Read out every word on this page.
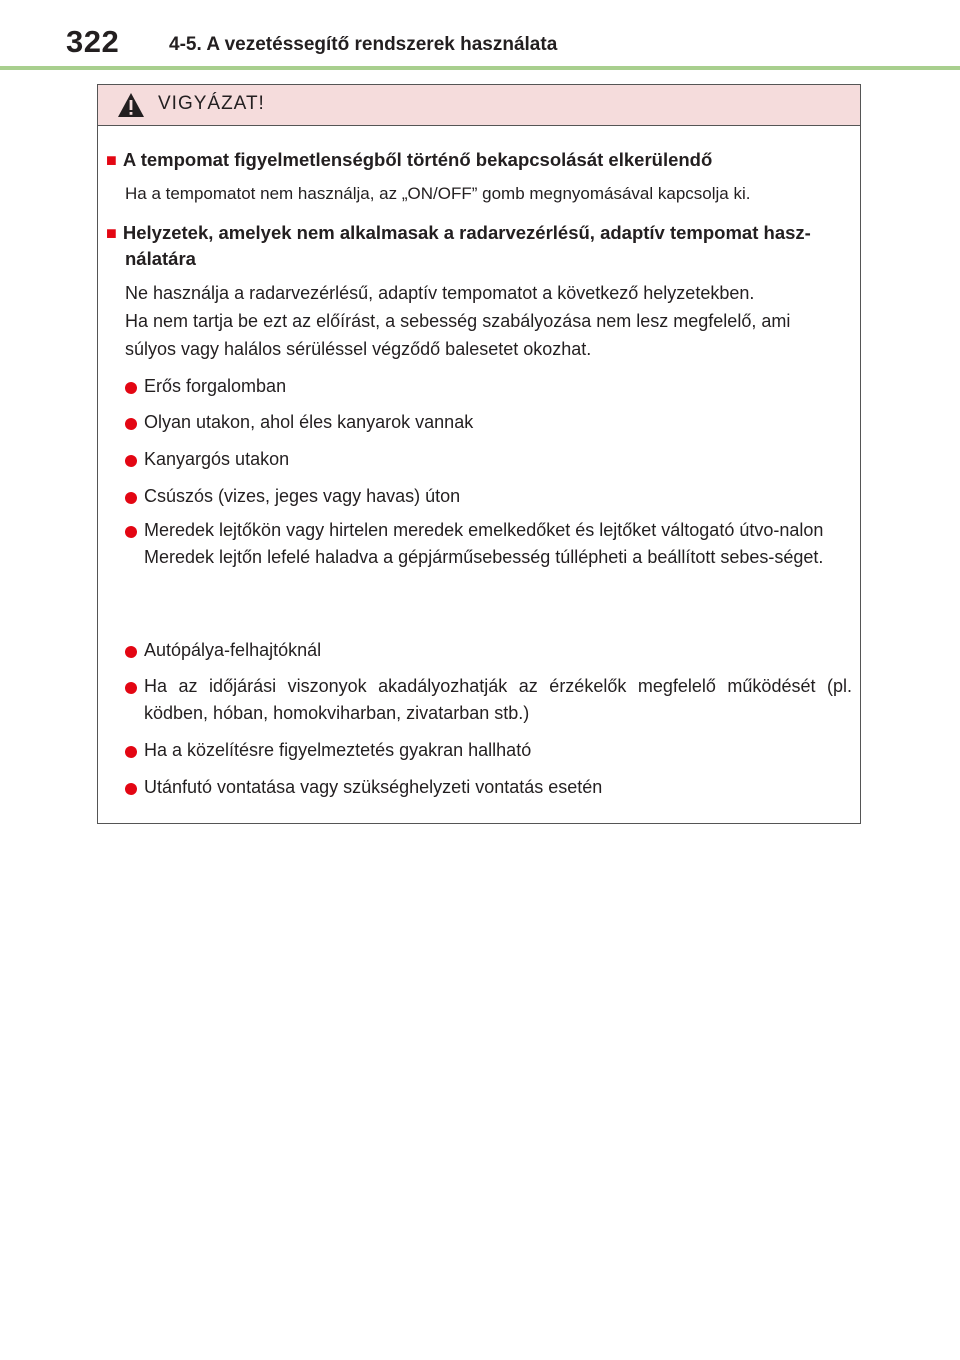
322	4-5. A vezetéssegítő rendszerek használata
VIGYÁZAT!
■ A tempomat figyelmetlenségből történő bekapcsolását elkerülendő
Ha a tempomatot nem használja, az „ON/OFF” gomb megnyomásával kapcsolja ki.
■ Helyzetek, amelyek nem alkalmasak a radarvezérlésű, adaptív tempomat hasz-
nálatára
Ne használja a radarvezérlésű, adaptív tempomatot a következő helyzetekben.
Ha nem tartja be ezt az előírást, a sebesség szabályozása nem lesz megfelelő, ami
súlyos vagy halálos sérüléssel végződő balesetet okozhat.
Erős forgalomban
Olyan utakon, ahol éles kanyarok vannak
Kanyargós utakon
Csúszós (vizes, jeges vagy havas) úton
Meredek lejtőkön vagy hirtelen meredek emelkedőket és lejtőket váltogató útvo-nalon
Meredek lejtőn lefelé haladva a gépjárműsebesség túllépheti a beállított sebes-séget.
Autópálya-felhajtóknál
Ha az időjárási viszonyok akadályozhatják az érzékelők megfelelő működését (pl. ködben, hóban, homokviharban, zivatarban stb.)
Ha a közelítésre figyelmeztetés gyakran hallható
Utánfutó vontatása vagy szükséghelyzeti vontatás esetén
